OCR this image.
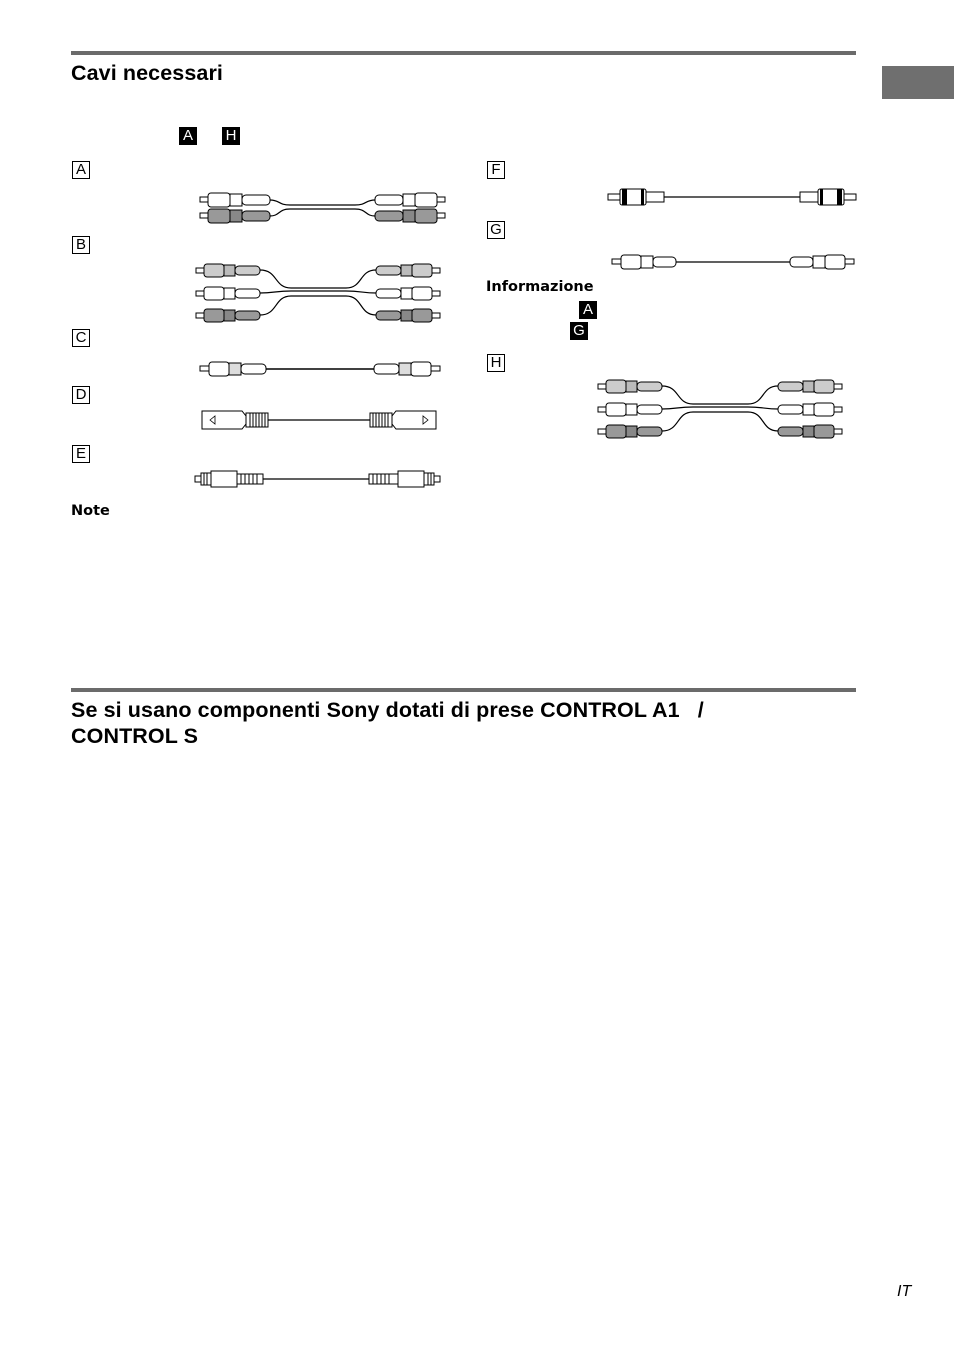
Cavi necessari
A H
A
B
C
D
E
F
G
H
Note
Informazione
A
G
Se si usano componenti Sony dotati di prese CONTROL A1 /
CONTROL S
IT
